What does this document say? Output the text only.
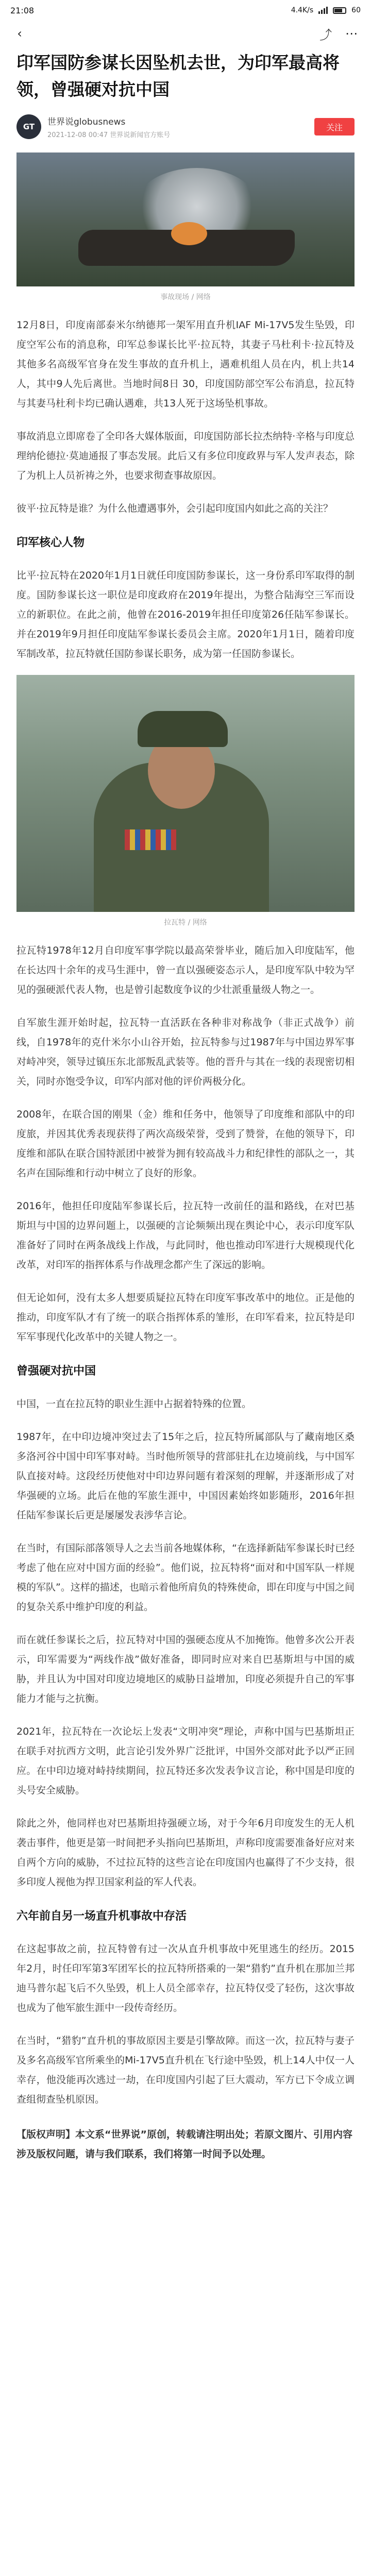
21:08	4.4K/s	60
‹	⤴ ⋯
印军国防参谋长因坠机去世，为印军最高将领，曾强硬对抗中国
GT	世界说globusnews
2021-12-08 00:47 世界说新闻官方账号
关注
事故现场 / 网络

12月8日，印度南部泰米尔纳德邦一架军用直升机IAF Mi-17V5发生坠毁，印度空军公布的消息称，印军总参谋长比平·拉瓦特，其妻子马杜利卡·拉瓦特及其他多名高级军官身在发生事故的直升机上，遇难机组人员在内，机上共14人，其中9人先后离世。当地时间8日 30，印度国防部空军公布消息，拉瓦特与其妻马杜利卡均已确认遇难，共13人死于这场坠机事故。

事故消息立即席卷了全印各大媒体版面，印度国防部长拉杰纳特·辛格与印度总理纳伦德拉·莫迪通报了事态发展。此后又有多位印度政界与军人发声表态，除了为机上人员祈祷之外，也要求彻查事故原因。

彼平·拉瓦特是谁？为什么他遭遇事外，会引起印度国内如此之高的关注？

印军核心人物

比平·拉瓦特在2020年1月1日就任印度国防参谋长，这一身份系印军取得的制度。国防参谋长这一职位是印度政府在2019年提出，为整合陆海空三军而设立的新职位。在此之前，他曾在2016-2019年担任印度第26任陆军参谋长。并在2019年9月担任印度陆军参谋长委员会主席。2020年1月1日，随着印度军制改革，拉瓦特就任国防参谋长职务，成为第一任国防参谋长。

拉瓦特 / 网络

拉瓦特1978年12月自印度军事学院以最高荣誉毕业，随后加入印度陆军，他在长达四十余年的戎马生涯中，曾一直以强硬姿态示人，是印度军队中较为罕见的强硬派代表人物，也是曾引起数度争议的少壮派重量级人物之一。

自军旅生涯开始时起，拉瓦特一直活跃在各种非对称战争（非正式战争）前线，自1978年的克什米尔小山谷开始，拉瓦特参与过1987年与中国边界军事对峙冲突，领导过镇压东北部叛乱武装等。他的晋升与其在一线的表现密切相关，同时亦饱受争议，印军内部对他的评价两极分化。

2008年，在联合国的刚果（金）维和任务中，他领导了印度维和部队中的印度旅，并因其优秀表现获得了两次高级荣誉，受到了赞誉，在他的领导下，印度维和部队在联合国特派团中被誉为拥有较高战斗力和纪律性的部队之一，其名声在国际维和行动中树立了良好的形象。

2016年，他担任印度陆军参谋长后，拉瓦特一改前任的温和路线，在对巴基斯坦与中国的边界问题上，以强硬的言论频频出现在舆论中心，表示印度军队准备好了同时在两条战线上作战，与此同时，他也推动印军进行大规模现代化改革，对印军的指挥体系与作战理念都产生了深远的影响。

但无论如何，没有太多人想要质疑拉瓦特在印度军事改革中的地位。正是他的推动，印度军队才有了统一的联合指挥体系的雏形，在印军看来，拉瓦特是印军军事现代化改革中的关键人物之一。

曾强硬对抗中国

中国，一直在拉瓦特的职业生涯中占据着特殊的位置。

1987年，在中印边境冲突过去了15年之后，拉瓦特所属部队与了藏南地区桑多洛河谷中国中印军事对峙。当时他所领导的营部驻扎在边境前线，与中国军队直接对峙。这段经历使他对中印边界问题有着深刻的理解，并逐渐形成了对华强硬的立场。此后在他的军旅生涯中，中国因素始终如影随形，2016年担任陆军参谋长后更是屡屡发表涉华言论。

在当时，有国际部落领导人之去当前各地媒体称，“在选择新陆军参谋长时已经考虑了他在应对中国方面的经验”。他们说，拉瓦特将“面对和中国军队一样规模的军队”。这样的描述，也暗示着他所肩负的特殊使命，即在印度与中国之间的复杂关系中维护印度的利益。

而在就任参谋长之后，拉瓦特对中国的强硬态度从不加掩饰。他曾多次公开表示，印军需要为“两线作战”做好准备，即同时应对来自巴基斯坦与中国的威胁，并且认为中国对印度边境地区的威胁日益增加，印度必须提升自己的军事能力才能与之抗衡。

2021年，拉瓦特在一次论坛上发表“文明冲突”理论，声称中国与巴基斯坦正在联手对抗西方文明，此言论引发外界广泛批评，中国外交部对此予以严正回应。在中印边境对峙持续期间，拉瓦特还多次发表争议言论，称中国是印度的头号安全威胁。

除此之外，他同样也对巴基斯坦持强硬立场，对于今年6月印度发生的无人机袭击事件，他更是第一时间把矛头指向巴基斯坦，声称印度需要准备好应对来自两个方向的威胁，不过拉瓦特的这些言论在印度国内也赢得了不少支持，很多印度人视他为捍卫国家利益的军人代表。

六年前自另一场直升机事故中存活

在这起事故之前，拉瓦特曾有过一次从直升机事故中死里逃生的经历。2015年2月，时任印军第3军团军长的拉瓦特所搭乘的一架“猎豹”直升机在那加兰邦迪马普尔起飞后不久坠毁，机上人员全部幸存，拉瓦特仅受了轻伤，这次事故也成为了他军旅生涯中一段传奇经历。

在当时，“猎豹”直升机的事故原因主要是引擎故障。而这一次，拉瓦特与妻子及多名高级军官所乘坐的Mi-17V5直升机在飞行途中坠毁，机上14人中仅一人幸存，他没能再次逃过一劫，在印度国内引起了巨大震动，军方已下令成立调查组彻查坠机原因。

【版权声明】本文系“世界说”原创，转载请注明出处；若原文图片、引用内容涉及版权问题，请与我们联系，我们将第一时间予以处理。
